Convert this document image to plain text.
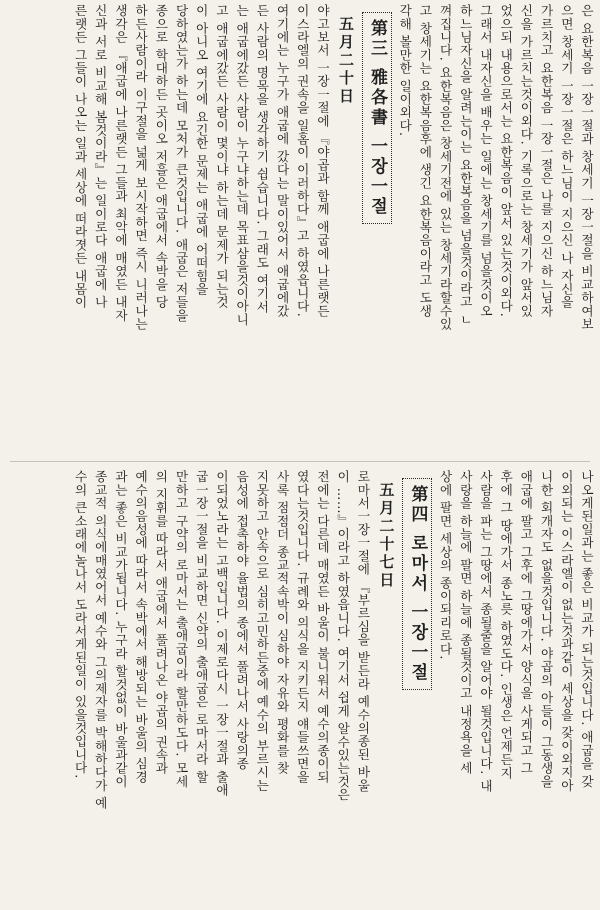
은 요한복음 一장一절과 창세기 一장一절을 비교하여보
으면 창세기 一장一절은 하느님이 지으신 나 자신을
가르치고 요한복음 一장一절은 나를 지으신 하느님자
신을 가르치는것이외다. 기록으로는 창세기가 앞서있
었으되 내용으로서는 요한복음이 앞서 있는것이외다.
그래서 내자신을 배우는 일에는 창세기를 넘을것이오
하느님자신을 알려는이는 요한복음을 넘을것이라고 ㄴ
껴집니다. 요한복음은 창세기전에 있는 창세기라할수있
고 창세기는 요한복음후에 생긴 요한복음이라고 도생
각해 볼만한 일이외다.
第三 雅各書 一장一절
五月二十日
야고보서 一장一절에 『야곱과 함께 애굽에 나른랫든
이스라엘의 권속을 일홈이 이러하다』고 하였읍니다.
여기에는 누구가 애굽에 갔다는 말이있어서 애굽에갔
든 사람의 명목을 생각하기 쉽습니다. 그래도 여기서
는 애굽에갔든 사람이 누구냐하는데 목표삼을것이아니
고 애굽에갔든 사람이 몇이냐 하는데 문제가 되는것
이 아니오 여기에 요긴한 문제는 애굽에 어떠힘을
당하였는가 하는데 모처가 큰것입니다. 애굽은 저들을
종으로 학대하든 곳이오 저흘은 애굽에서 속박을 당
하든사람이라 이구절을 넒게 보시작하면 즉시 니러나는
생각은 『애굽에 나른랫든 그들과 최악에 매였든 내자
신과 서로 비교해 봄것이라』는 일이로다 애굽에 나
른랫든 그들이 나오는 일과 세상에 떠라졋든 내몸이
나오게된일과는 좋은 비교가 되는것입니다. 애굽을 갖
이외되는 이스라엘이 없는것과같이 세상을 갗이외지아
니한 회개자도 없을것입니다. 야곱의 아들이 그동생을
애굽에 팔고 그후에 그땅에가서 양식을 사게되고 그
후에 그 땅에가서 종노릇 하였도다. 인생은 언제든지
사람을 파는 그땅에서 종될줄을 알어야 될것입니다. 내
사랑을 하늘에 팔면 하늘에 종될것이고 내정욕을 세
상에 팔면 세상의 종이되리로다.
第四 로마서 一장一절
五月二十七日
로마서一장一절에 『부르심을 받든라 예수의종된 바울
이 ……』이라고 하였읍니다. 여기서 쉽게 알수있는것은
전에는 다른데 매였든 바울이 불니워서 예수의종이되
였다는것입니다. 규례와 의식을 지키든지 얘들쓰면을
사록 점점더 종교적속박이 심하야 자유와 평화를 찾
지못하고 안속으로 심히고민하든중에 예수의 부르시는
음성에 접촉하야 율법의 종에서 풀려나서 사랑의종
이되었노라는 고백입니다. 이제로다시 一장一절과 출애
굽一장一절을 비교하면 신약의 출애굽은 로마서라 할
만하고 구약의 로마서는 출애굽이라 할만하도다. 모세
의 지휘를 따라서 애굽에서 풀려나온 야곱의 권속과
예수의음성에 따라서 속박에서 해방되는 바울의 심경
과는 좋은 비교가됩니다. 누구라 할것없이 바울과같이
종교적 의식에매였어서 예수와 그의제자를 박해하다가 예
수의 큰소래에놀나서 도라서게된일이 있을것입니다.
